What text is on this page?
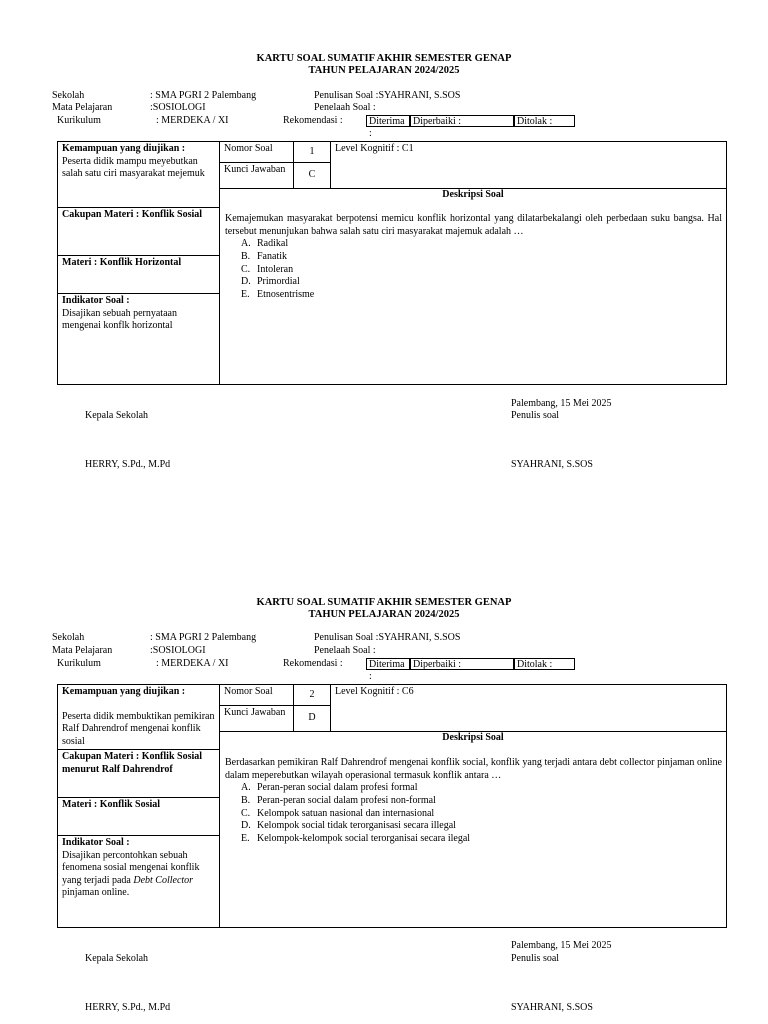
KARTU SOAL SUMATIF AKHIR SEMESTER GENAP
TAHUN PELAJARAN 2024/2025
Sekolah	: SMA PGRI 2 Palembang	Penulisan Soal :SYAHRANI, S.SOS
Mata Pelajaran	:SOSIOLOGI	Penelaah Soal :
Kurikulum	: MERDEKA / XI	Rekomendasi :	Diterima :
Diperbaiki :	Ditolak :
Kemampuan yang diujikan :
Peserta didik mampu meyebutkan salah satu ciri masyarakat mejemuk
Cakupan Materi : Konflik Sosial
Materi : Konflik Horizontal
Indikator Soal :
Disajikan sebuah pernyataan mengenai konflk horizontal
Nomor Soal	1
Kunci Jawaban	C
Level Kognitif : C1
Deskripsi Soal
Kemajemukan masyarakat berpotensi memicu konflik horizontal yang dilatarbekalangi oleh perbedaan suku bangsa. Hal tersebut menunjukan bahwa salah satu ciri masyarakat majemuk adalah …
A. Radikal
B. Fanatik
C. Intoleran
D. Primordial
E. Etnosentrisme
Palembang, 15 Mei 2025
Penulis soal
Kepala Sekolah
HERRY, S.Pd., M.Pd	SYAHRANI, S.SOS
KARTU SOAL SUMATIF AKHIR SEMESTER GENAP
TAHUN PELAJARAN 2024/2025
Sekolah	: SMA PGRI 2 Palembang	Penulisan Soal :SYAHRANI, S.SOS
Mata Pelajaran	:SOSIOLOGI	Penelaah Soal :
Kurikulum	: MERDEKA / XI	Rekomendasi :	Diterima :
Diperbaiki :	Ditolak :
Kemampuan yang diujikan :
Peserta didik membuktikan pemikiran Ralf Dahrendrof mengenai konflik sosial
Cakupan Materi : Konflik Sosial menurut Ralf Dahrendrof
Materi : Konflik Sosial
Indikator Soal :
Disajikan percontohkan sebuah fenomena sosial mengenai konflik yang terjadi pada Debt Collector pinjaman online.
Nomor Soal	2
Kunci Jawaban	D
Level Kognitif : C6
Deskripsi Soal
Berdasarkan pemikiran Ralf Dahrendrof mengenai konflik social, konflik yang terjadi antara debt collector pinjaman online dalam meperebutkan wilayah operasional termasuk konflik antara …
A. Peran-peran social dalam profesi formal
B. Peran-peran social dalam profesi non-formal
C. Kelompok satuan nasional dan internasional
D. Kelompok social tidak terorganisasi secara illegal
E. Kelompok-kelompok social terorganisai secara ilegal
Palembang, 15 Mei 2025
Penulis soal
Kepala Sekolah
HERRY, S.Pd., M.Pd	SYAHRANI, S.SOS
